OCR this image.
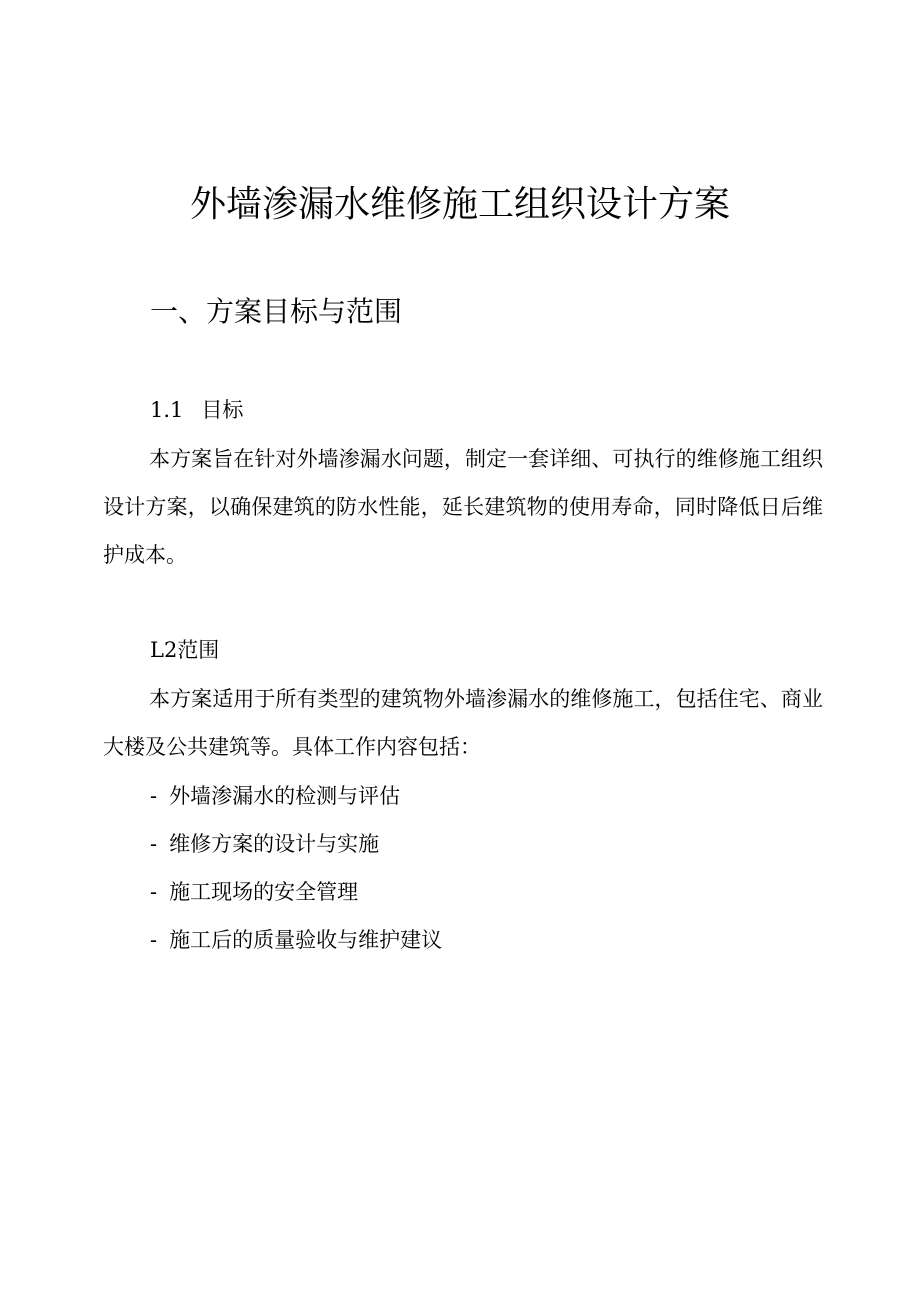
外墙渗漏水维修施工组织设计方案
一、方案目标与范围
1.1 目标

本方案旨在针对外墙渗漏水问题，制定一套详细、可执行的维修施工组织设计方案，以确保建筑的防水性能，延长建筑物的使用寿命，同时降低日后维护成本。

L2范围

本方案适用于所有类型的建筑物外墙渗漏水的维修施工，包括住宅、商业大楼及公共建筑等。具体工作内容包括：

- 外墙渗漏水的检测与评估
- 维修方案的设计与实施
- 施工现场的安全管理
- 施工后的质量验收与维护建议
